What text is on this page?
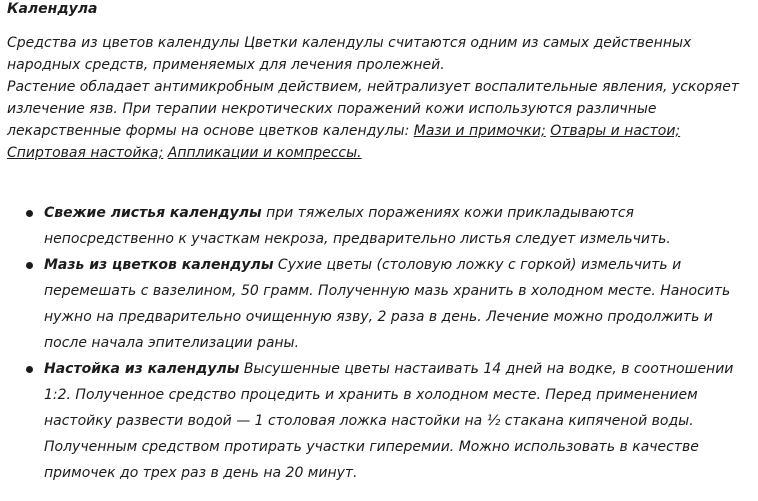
Календула

Средства из цветов календулы Цветки календулы считаются одним из самых действенных народных средств, применяемых для лечения пролежней.

Растение обладает антимикробным действием, нейтрализует воспалительные явления, ускоряет излечение язв. При терапии некротических поражений кожи используются различные лекарственные формы на основе цветков календулы: Мази и примочки; Отвары и настои; Спиртовая настойка; Аппликации и компрессы.

Свежие листья календулы при тяжелых поражениях кожи прикладываются непосредственно к участкам некроза, предварительно листья следует измельчить.
Мазь из цветков календулы Сухие цветы (столовую ложку с горкой) измельчить и перемешать с вазелином, 50 грамм. Полученную мазь хранить в холодном месте. Наносить нужно на предварительно очищенную язву, 2 раза в день. Лечение можно продолжить и после начала эпителизации раны.
Настойка из календулы Высушенные цветы настаивать 14 дней на водке, в соотношении 1:2. Полученное средство процедить и хранить в холодном месте. Перед применением настойку развести водой — 1 столовая ложка настойки на ½ стакана кипяченой воды. Полученным средством протирать участки гиперемии. Можно использовать в качестве примочек до трех раз в день на 20 минут.
